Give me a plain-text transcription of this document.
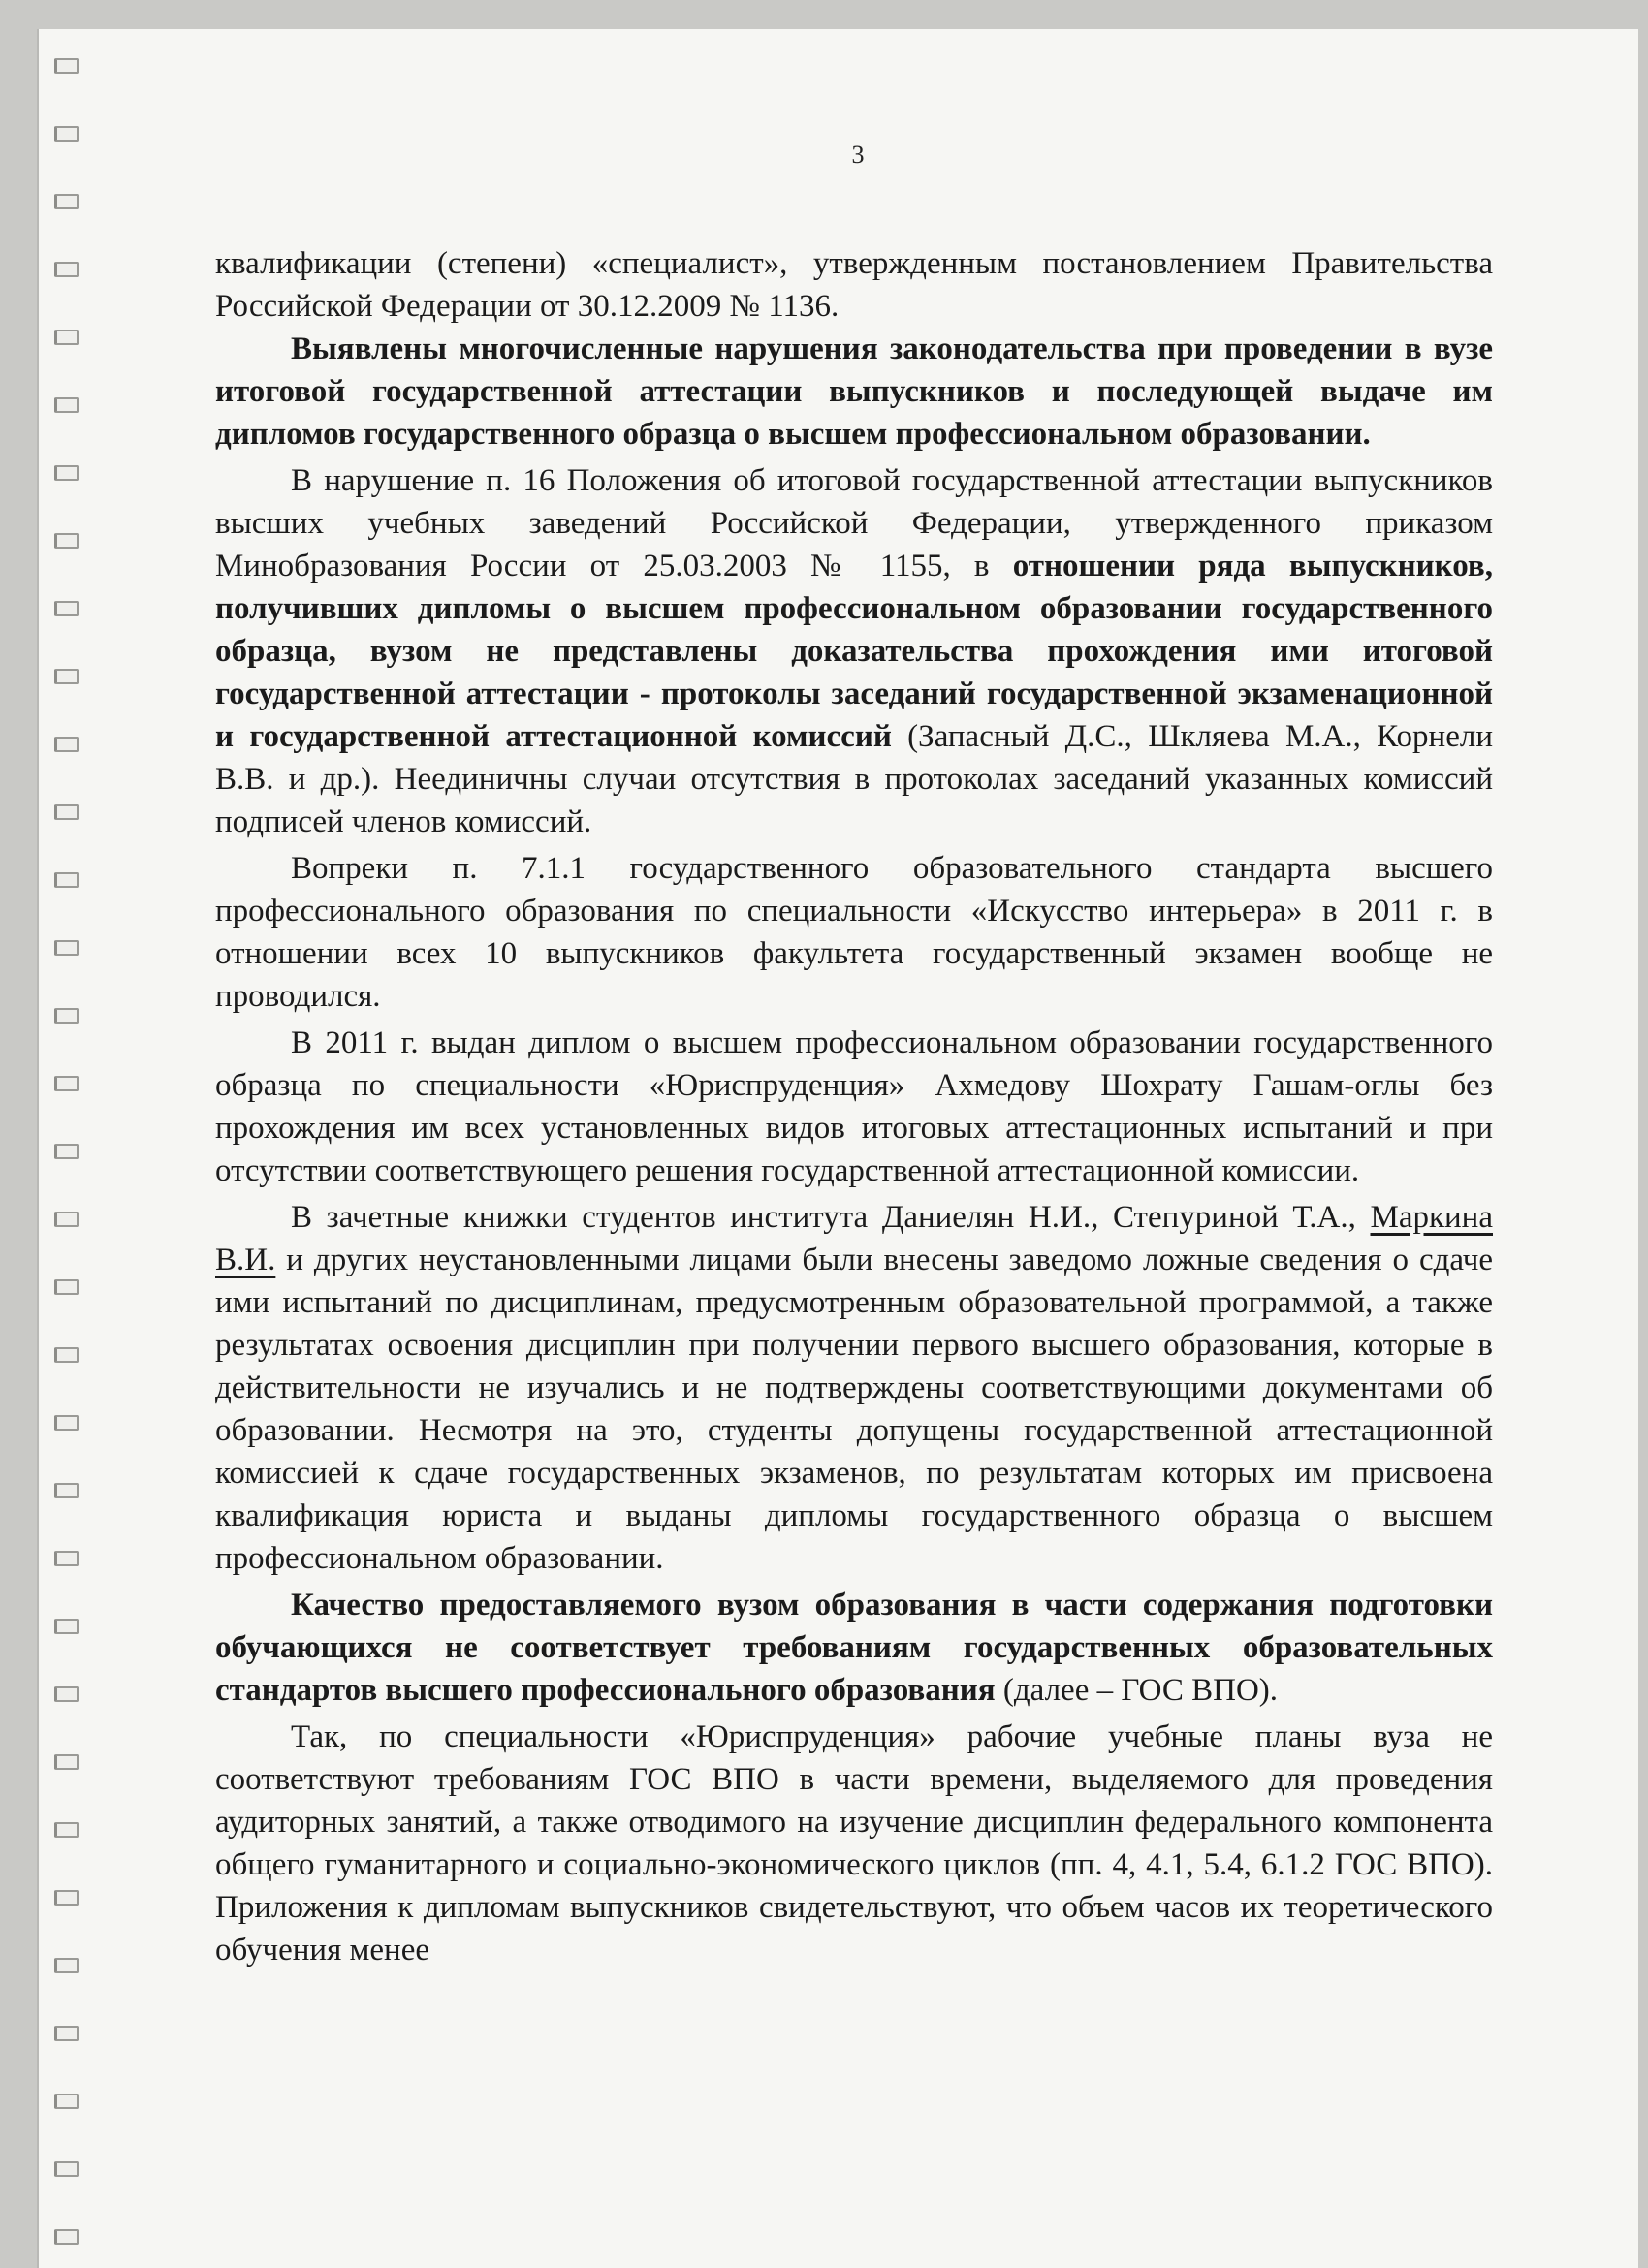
3

квалификации (степени) «специалист», утвержденным постановлением Правительства Российской Федерации от 30.12.2009 № 1136.

Выявлены многочисленные нарушения законодательства при проведении в вузе итоговой государственной аттестации выпускников и последующей выдаче им дипломов государственного образца о высшем профессиональном образовании.

В нарушение п. 16 Положения об итоговой государственной аттестации выпускников высших учебных заведений Российской Федерации, утвержденного приказом Минобразования России от 25.03.2003 № 1155, в отношении ряда выпускников, получивших дипломы о высшем профессиональном образовании государственного образца, вузом не представлены доказательства прохождения ими итоговой государственной аттестации - протоколы заседаний государственной экзаменационной и государственной аттестационной комиссий (Запасный Д.С., Шкляева М.А., Корнели В.В. и др.). Неединичны случаи отсутствия в протоколах заседаний указанных комиссий подписей членов комиссий.

Вопреки п. 7.1.1 государственного образовательного стандарта высшего профессионального образования по специальности «Искусство интерьера» в 2011 г. в отношении всех 10 выпускников факультета государственный экзамен вообще не проводился.

В 2011 г. выдан диплом о высшем профессиональном образовании государственного образца по специальности «Юриспруденция» Ахмедову Шохрату Гашам-оглы без прохождения им всех установленных видов итоговых аттестационных испытаний и при отсутствии соответствующего решения государственной аттестационной комиссии.

В зачетные книжки студентов института Даниелян Н.И., Степуриной Т.А., Маркина В.И. и других неустановленными лицами были внесены заведомо ложные сведения о сдаче ими испытаний по дисциплинам, предусмотренным образовательной программой, а также результатах освоения дисциплин при получении первого высшего образования, которые в действительности не изучались и не подтверждены соответствующими документами об образовании. Несмотря на это, студенты допущены государственной аттестационной комиссией к сдаче государственных экзаменов, по результатам которых им присвоена квалификация юриста и выданы дипломы государственного образца о высшем профессиональном образовании.

Качество предоставляемого вузом образования в части содержания подготовки обучающихся не соответствует требованиям государственных образовательных стандартов высшего профессионального образования (далее – ГОС ВПО).

Так, по специальности «Юриспруденция» рабочие учебные планы вуза не соответствуют требованиям ГОС ВПО в части времени, выделяемого для проведения аудиторных занятий, а также отводимого на изучение дисциплин федерального компонента общего гуманитарного и социально-экономического циклов (пп. 4, 4.1, 5.4, 6.1.2 ГОС ВПО). Приложения к дипломам выпускников свидетельствуют, что объем часов их теоретического обучения менее
